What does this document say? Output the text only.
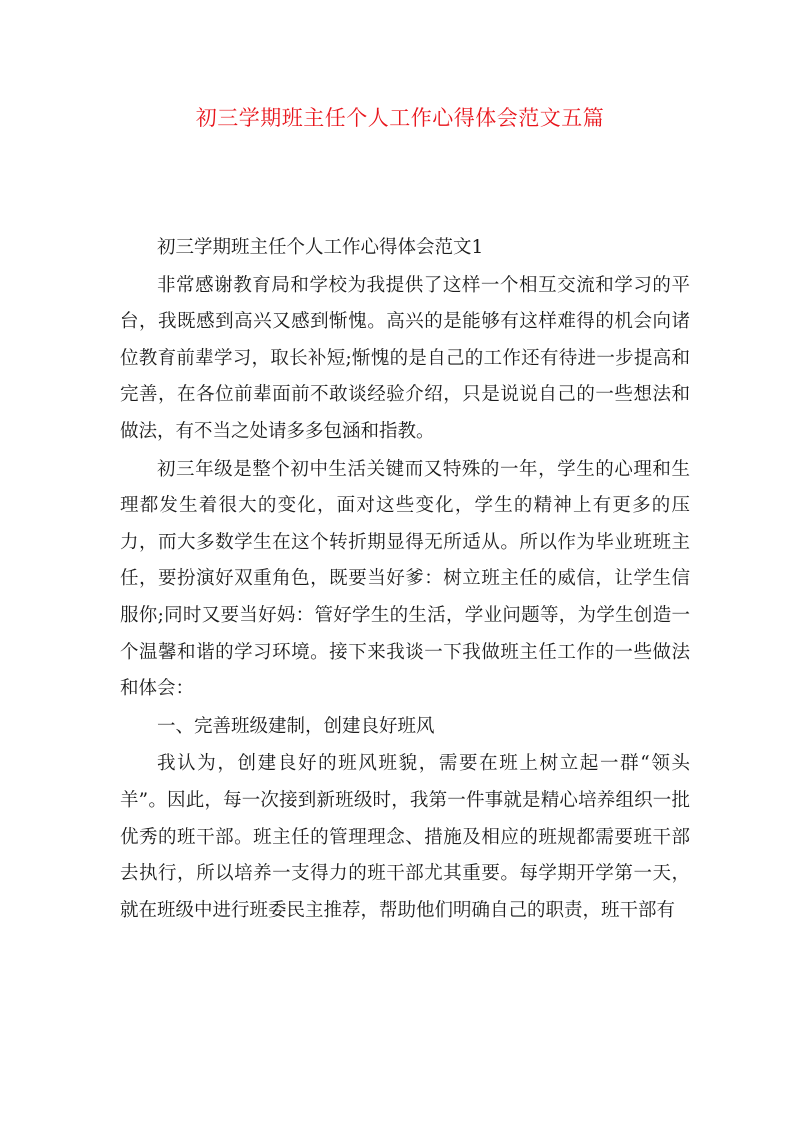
初三学期班主任个人工作心得体会范文五篇

初三学期班主任个人工作心得体会范文1

非常感谢教育局和学校为我提供了这样一个相互交流和学习的平台，我既感到高兴又感到惭愧。高兴的是能够有这样难得的机会向诸位教育前辈学习，取长补短;惭愧的是自己的工作还有待进一步提高和完善，在各位前辈面前不敢谈经验介绍，只是说说自己的一些想法和做法，有不当之处请多多包涵和指教。

初三年级是整个初中生活关键而又特殊的一年，学生的心理和生理都发生着很大的变化，面对这些变化，学生的精神上有更多的压力，而大多数学生在这个转折期显得无所适从。所以作为毕业班班主任，要扮演好双重角色，既要当好爹：树立班主任的威信，让学生信服你;同时又要当好妈：管好学生的生活，学业问题等，为学生创造一个温馨和谐的学习环境。接下来我谈一下我做班主任工作的一些做法和体会：

一、完善班级建制，创建良好班风

我认为，创建良好的班风班貌，需要在班上树立起一群“领头羊”。因此，每一次接到新班级时，我第一件事就是精心培养组织一批优秀的班干部。班主任的管理理念、措施及相应的班规都需要班干部去执行，所以培养一支得力的班干部尤其重要。每学期开学第一天，就在班级中进行班委民主推荐，帮助他们明确自己的职责，班干部有
